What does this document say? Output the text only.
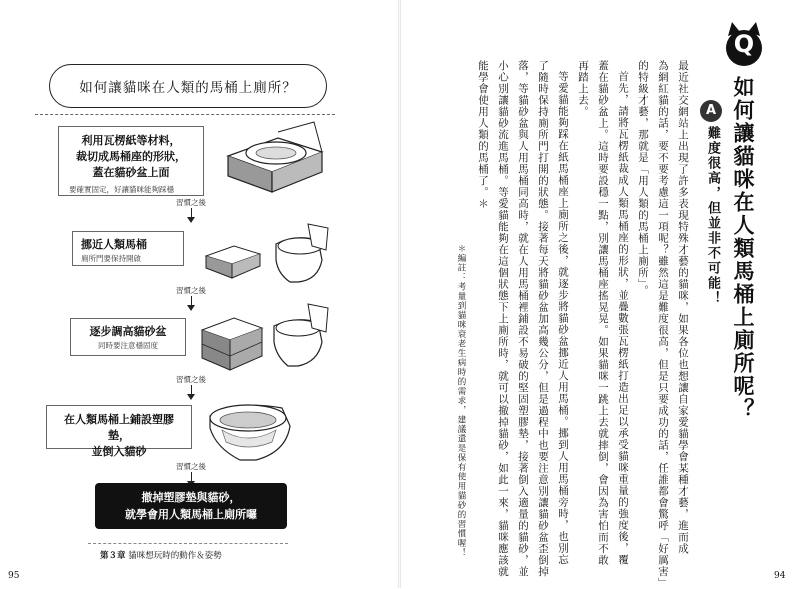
如何讓貓咪在人類的馬桶上廁所？
利用瓦楞紙等材料，
裁切成馬桶座的形狀，
蓋在貓砂盆上面
要確實固定，好讓貓咪能夠踩穩
習慣之後
挪近人類馬桶
廁所門要保持開啟
習慣之後
逐步調高貓砂盆
同時要注意穩固度
習慣之後
在人類馬桶上鋪設塑膠墊，
並倒入貓砂
習慣之後
撤掉塑膠墊與貓砂，
就學會用人類馬桶上廁所囉
第３章 貓咪想玩時的動作＆姿勢
95
Q
如何讓貓咪在人類馬桶上廁所呢？
A
難度很高，但並非不可能！
最近社交網站上出現了許多表現特殊才藝的貓咪，如果各位也想讓自家愛貓學會某種才藝，進而成
為網紅貓的話，要不要考慮這一項呢？雖然這是難度很高，但是只要成功的話，任誰都會驚呼「好厲害」
的特級才藝，那就是「用人類的馬桶上廁所」。
首先，請將瓦楞紙裁成人類馬桶座的形狀，並疊數張瓦楞紙打造出足以承受貓咪重量的強度後，覆
蓋在貓砂盆上。這時要設穩一點，別讓馬桶座搖晃晃。如果貓咪一跳上去就摔倒，會因為害怕而不敢
再踏上去。
等愛貓能夠踩在紙馬桶座上廁所之後，就逐步將貓砂盆挪近人用馬桶。挪到人用馬桶旁時，也別忘
了隨時保持廁所門打開的狀態。接著每天將貓砂盆加高幾公分，但是過程中也要注意別讓貓砂盆歪倒掉
落，等貓砂盆與人用馬桶同高時，就在人用馬桶裡鋪設不易破的堅固塑膠墊，接著倒入適量的貓砂，並
小心別讓貓砂流進馬桶。等愛貓能夠在這個狀態下上廁所時，就可以撤掉貓砂，如此一來，貓咪應該就
能學會使用人類的馬桶了。＊
＊編註：考量到貓咪衰老生病時的需求，建議還是保有使用貓砂的習慣喔！
94
